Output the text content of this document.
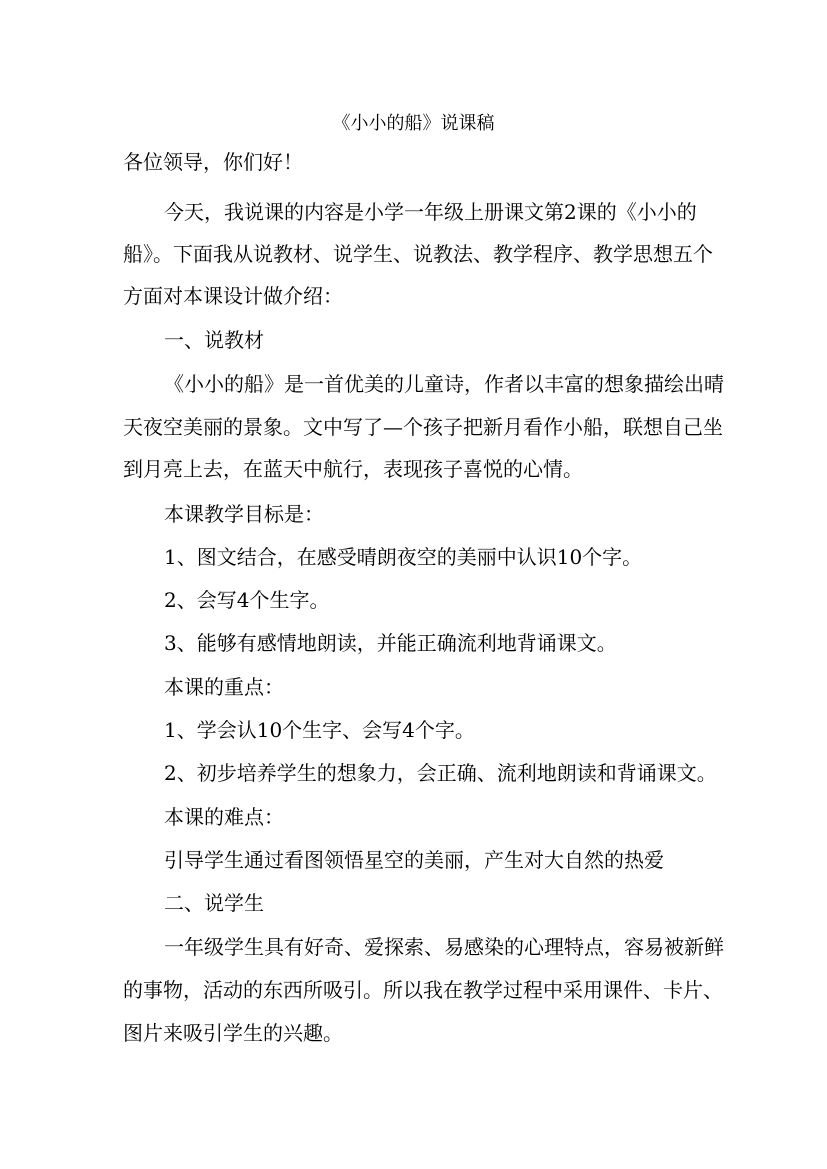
《小小的船》说课稿
各位领导，你们好！
今天，我说课的内容是小学一年级上册课文第2课的《小小的
船》。下面我从说教材、说学生、说教法、教学程序、教学思想五个
方面对本课设计做介绍：
一、说教材
《小小的船》是一首优美的儿童诗，作者以丰富的想象描绘出晴
天夜空美丽的景象。文中写了—个孩子把新月看作小船，联想自己坐
到月亮上去，在蓝天中航行，表现孩子喜悦的心情。
本课教学目标是：
1、图文结合，在感受晴朗夜空的美丽中认识10个字。
2、会写4个生字。
3、能够有感情地朗读，并能正确流利地背诵课文。
本课的重点：
1、学会认10个生字、会写4个字。
2、初步培养学生的想象力，会正确、流利地朗读和背诵课文。
本课的难点：
引导学生通过看图领悟星空的美丽，产生对大自然的热爱
二、说学生
一年级学生具有好奇、爱探索、易感染的心理特点，容易被新鲜
的事物，活动的东西所吸引。所以我在教学过程中采用课件、卡片、
图片来吸引学生的兴趣。
